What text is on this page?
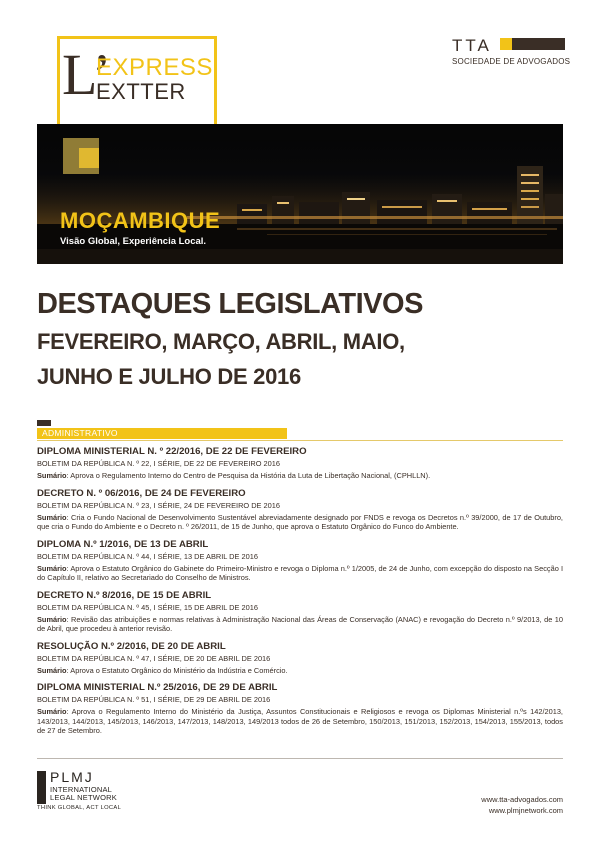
L’
EXPRESS
EXTTER
TTA
SOCIEDADE DE ADVOGADOS
MOÇAMBIQUE
Visão Global, Experiência Local.
DESTAQUES LEGISLATIVOS
FEVEREIRO, MARÇO, ABRIL, MAIO,
JUNHO E JULHO DE 2016
ADMINISTRATIVO
DIPLOMA MINISTERIAL N. º 22/2016, DE 22 DE FEVEREIRO
BOLETIM DA REPÚBLICA N. º 22, I SÉRIE, DE 22 DE FEVEREIRO 2016
Sumário: Aprova o Regulamento Interno do Centro de Pesquisa da História da Luta de Libertação Nacional, (CPHLLN).
DECRETO N. º 06/2016, DE 24 DE FEVEREIRO
BOLETIM DA REPÚBLICA N. º 23, I SÉRIE, 24 DE FEVEREIRO DE 2016
Sumário: Cria o Fundo Nacional de Desenvolvimento Sustentável abreviadamente designado por FNDS e revoga os Decretos n.º 39/2000, de 17 de Outubro, que cria o Fundo do Ambiente e o Decreto n. º 26/2011, de 15 de Junho, que aprova o Estatuto Orgânico do Funco do Ambiente.
DIPLOMA N.º 1/2016, DE 13 DE ABRIL
BOLETIM DA REPÚBLICA N. º 44, I SÉRIE, 13 DE ABRIL DE 2016
Sumário: Aprova o Estatuto Orgânico do Gabinete do Primeiro-Ministro e revoga o Diploma n.º 1/2005, de 24 de Junho, com excepção do disposto na Secção I do Capítulo II, relativo ao Secretariado do Conselho de Ministros.
DECRETO N.º 8/2016, DE 15 DE ABRIL
BOLETIM DA REPÚBLICA N. º 45, I SÉRIE, 15 DE ABRIL DE 2016
Sumário: Revisão das atribuições e normas relativas à Administração Nacional das Áreas de Conservação (ANAC) e revogação do Decreto n.º 9/2013, de 10 de Abril, que procedeu à anterior revisão.
RESOLUÇÃO N.º 2/2016, DE 20 DE ABRIL
BOLETIM DA REPÚBLICA N. º 47, I SÉRIE, DE 20 DE ABRIL DE 2016
Sumário: Aprova o Estatuto Orgânico do Ministério da Indústria e Comércio.
DIPLOMA MINISTERIAL N.º 25/2016, DE 29 DE ABRIL
BOLETIM DA REPÚBLICA N. º 51, I SÉRIE, DE 29 DE ABRIL DE 2016
Sumário: Aprova o Regulamento Interno do Ministério da Justiça, Assuntos Constitucionais e Religiosos e revoga os Diplomas Ministerial n.ºs 142/2013, 143/2013, 144/2013, 145/2013, 146/2013, 147/2013, 148/2013, 149/2013 todos de 26 de Setembro, 150/2013, 151/2013, 152/2013, 154/2013, 155/2013, todos de 27 de Setembro.
PLMJ
INTERNATIONAL
LEGAL NETWORK
THINK GLOBAL, ACT LOCAL
www.tta-advogados.com
www.plmjnetwork.com
